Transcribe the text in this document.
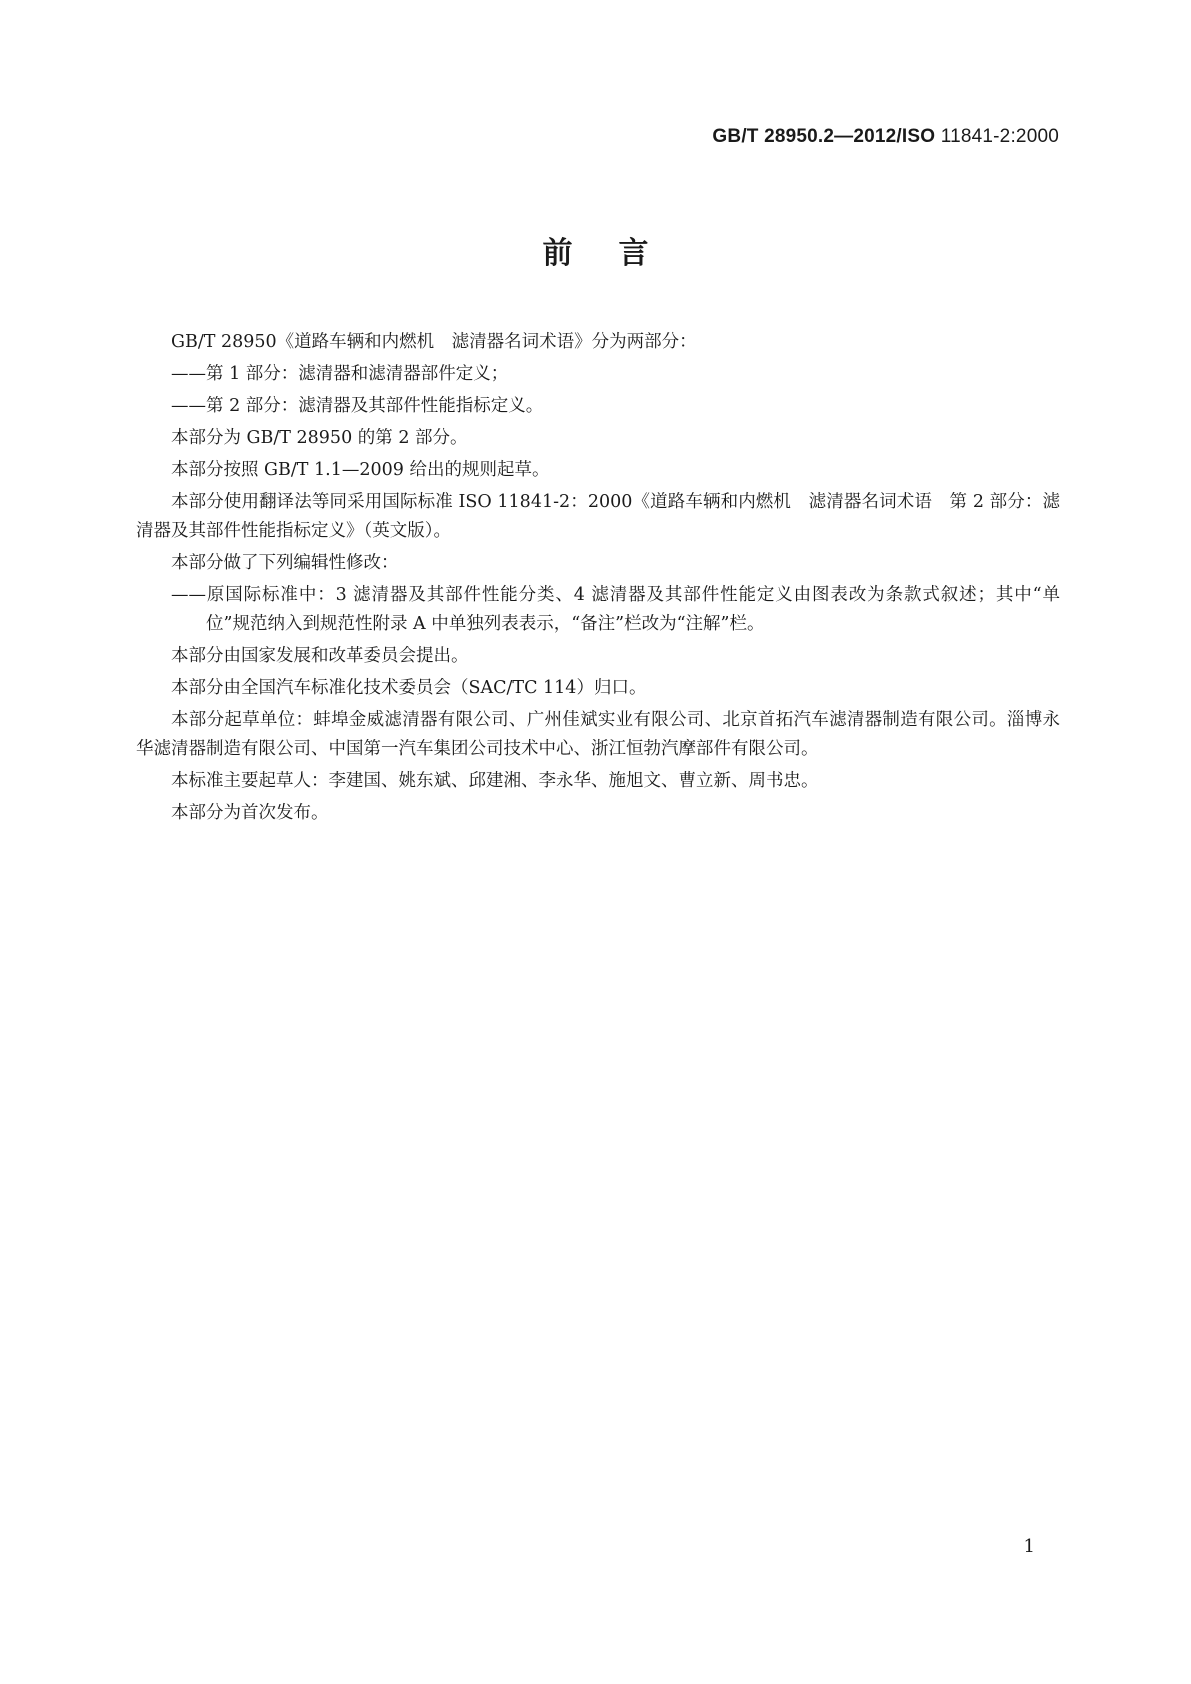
GB/T 28950.2—2012/ISO 11841-2:2000
前言

GB/T 28950《道路车辆和内燃机　滤清器名词术语》分为两部分：

——第 1 部分：滤清器和滤清器部件定义；

——第 2 部分：滤清器及其部件性能指标定义。

本部分为 GB/T 28950 的第 2 部分。

本部分按照 GB/T 1.1—2009 给出的规则起草。

本部分使用翻译法等同采用国际标准 ISO 11841-2：2000《道路车辆和内燃机　滤清器名词术语　第 2 部分：滤清器及其部件性能指标定义》（英文版）。

本部分做了下列编辑性修改：

——原国际标准中：3 滤清器及其部件性能分类、4 滤清器及其部件性能定义由图表改为条款式叙述；其中“单位”规范纳入到规范性附录 A 中单独列表表示，“备注”栏改为“注解”栏。

本部分由国家发展和改革委员会提出。

本部分由全国汽车标准化技术委员会（SAC/TC 114）归口。

本部分起草单位：蚌埠金威滤清器有限公司、广州佳斌实业有限公司、北京首拓汽车滤清器制造有限公司。淄博永华滤清器制造有限公司、中国第一汽车集团公司技术中心、浙江恒勃汽摩部件有限公司。

本标准主要起草人：李建国、姚东斌、邱建湘、李永华、施旭文、曹立新、周书忠。

本部分为首次发布。

1
